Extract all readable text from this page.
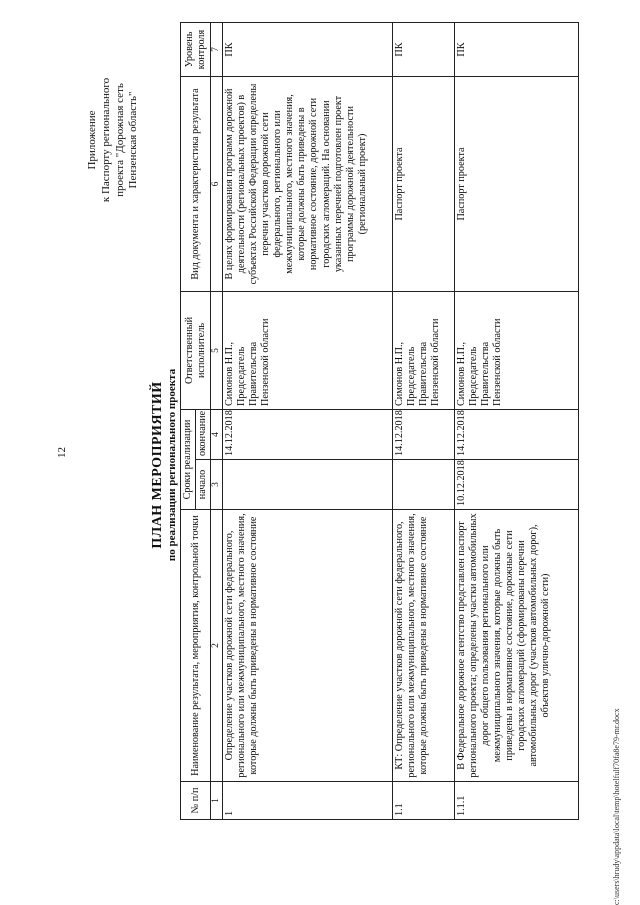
12
Приложение к Паспорту регионального проекта "Дорожная сеть Пензенская область"
ПЛАН МЕРОПРИЯТИЙ по реализации регионального проекта
№ п/п	Наименование результата, мероприятия, контрольной точки	Сроки реализации		Ответственный исполнитель	Вид документа и характеристика результата	Уровень контроля
		начало	окончание			
1	2	3	4	5	6	7
1	Определение участков дорожной сети федерального, регионального или межмуниципального, местного значения, которые должны быть приведены в нормативное состояние		14.12.2018	Симонов Н.П., Председатель Правительства Пензенской области	В целях формирования программ дорожной деятельности (региональных проектов) в субъектах Российской Федерации определены перечни участков дорожной сети федерального, регионального или межмуниципального, местного значения, которые должны быть приведены в нормативное состояние, дорожной сети городских агломераций. На основании указанных перечней подготовлен проект программы дорожной деятельности (региональный проект)	ПК
1.1	КТ: Определение участков дорожной сети федерального, регионального или межмуниципального, местного значения, которые должны быть приведены в нормативное состояние		14.12.2018	Симонов Н.П., Председатель Правительства Пензенской области	Паспорт проекта	ПК
1.1.1	В Федеральное дорожное агентство представлен паспорт регионального проекта; определены участки автомобильных дорог общего пользования регионального или межмуниципального значения, которые должны быть приведены в нормативное состояние, дорожные сети городских агломераций (сформированы перечни автомобильных дорог (участков автомобильных дорог), объектов улично-дорожной сети)	10.12.2018	14.12.2018	Симонов Н.П., Председатель Правительства Пензенской области	Паспорт проекта	ПК
c:\users\hrudy\appdata\local\temp\hotelfulf70fa8e79-mr.docx
